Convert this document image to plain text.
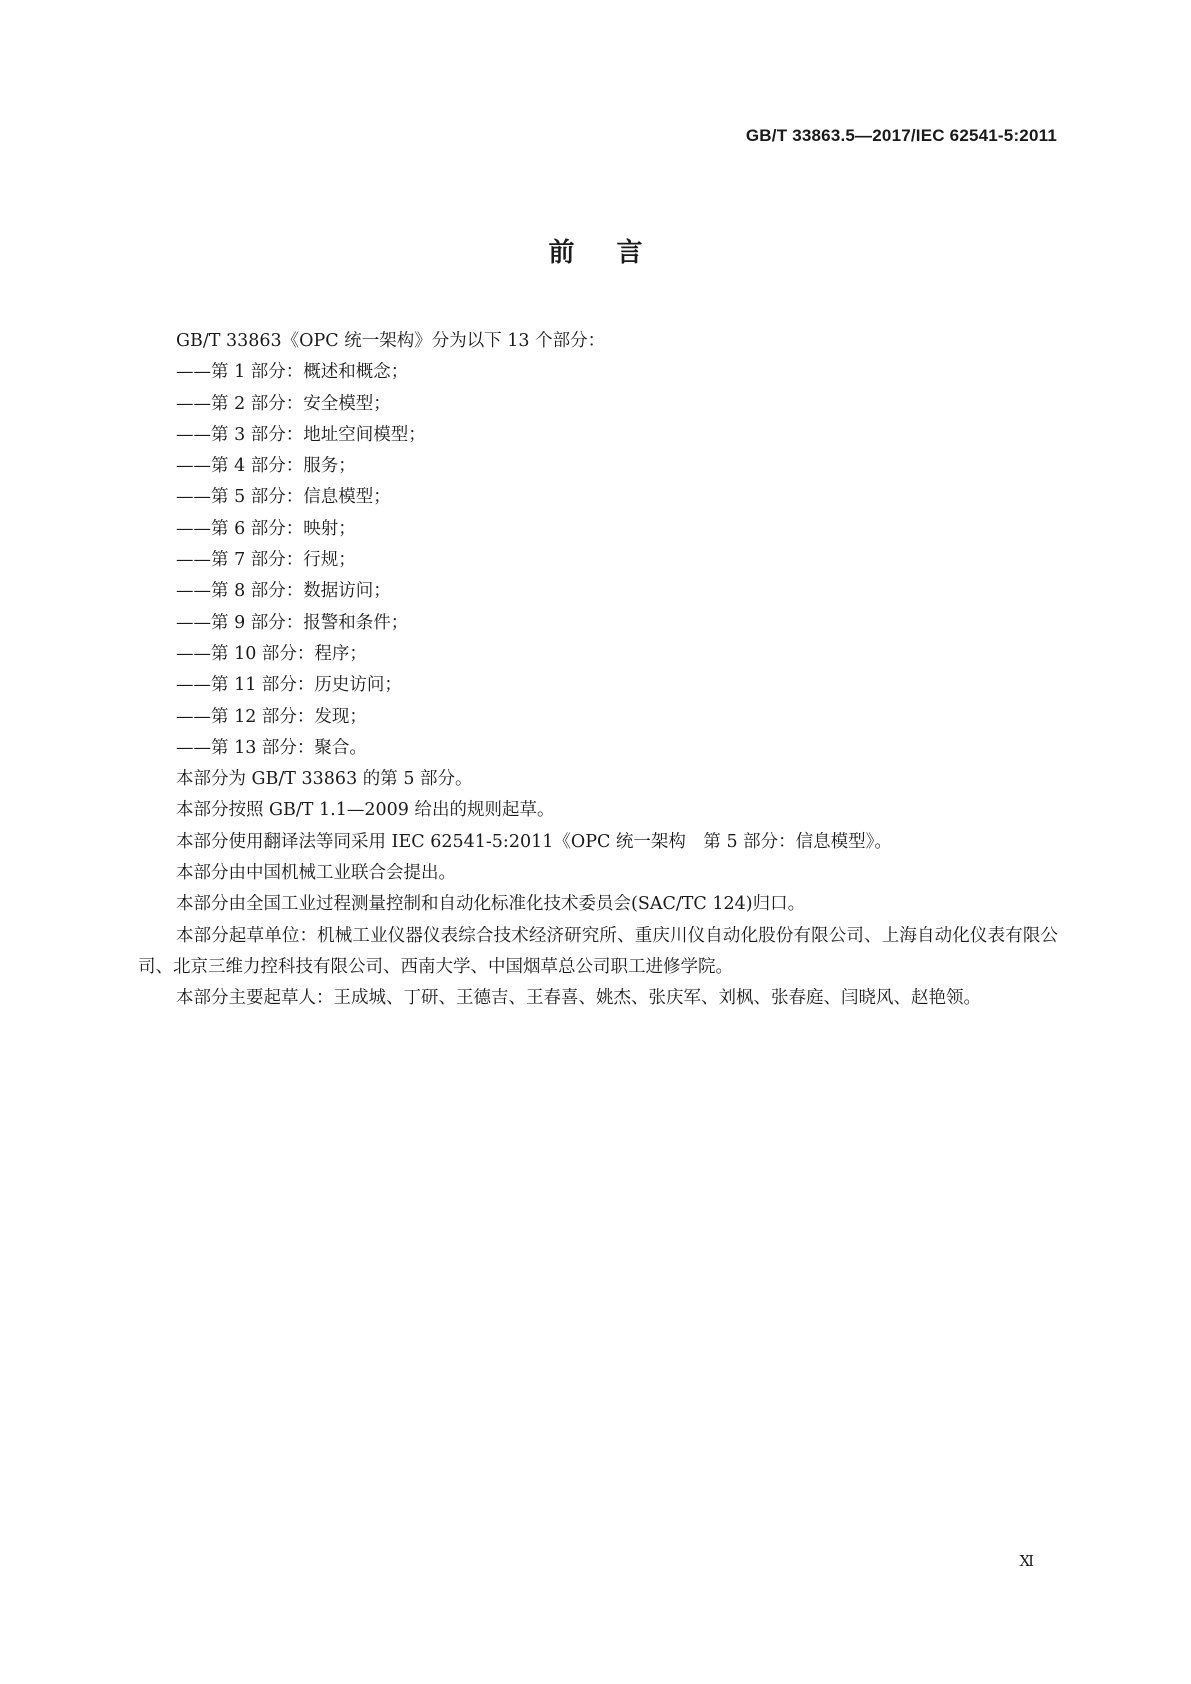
GB/T 33863.5—2017/IEC 62541-5:2011
前言

GB/T 33863《OPC 统一架构》分为以下 13 个部分：

——第 1 部分：概述和概念；

——第 2 部分：安全模型；

——第 3 部分：地址空间模型；

——第 4 部分：服务；

——第 5 部分：信息模型；

——第 6 部分：映射；

——第 7 部分：行规；

——第 8 部分：数据访问；

——第 9 部分：报警和条件；

——第 10 部分：程序；

——第 11 部分：历史访问；

——第 12 部分：发现；

——第 13 部分：聚合。

本部分为 GB/T 33863 的第 5 部分。

本部分按照 GB/T 1.1—2009 给出的规则起草。

本部分使用翻译法等同采用 IEC 62541-5:2011《OPC 统一架构　第 5 部分：信息模型》。

本部分由中国机械工业联合会提出。

本部分由全国工业过程测量控制和自动化标准化技术委员会(SAC/TC 124)归口。

本部分起草单位：机械工业仪器仪表综合技术经济研究所、重庆川仪自动化股份有限公司、上海自动化仪表有限公司、北京三维力控科技有限公司、西南大学、中国烟草总公司职工进修学院。

本部分主要起草人：王成城、丁研、王德吉、王春喜、姚杰、张庆军、刘枫、张春庭、闫晓风、赵艳领。

Ⅺ
